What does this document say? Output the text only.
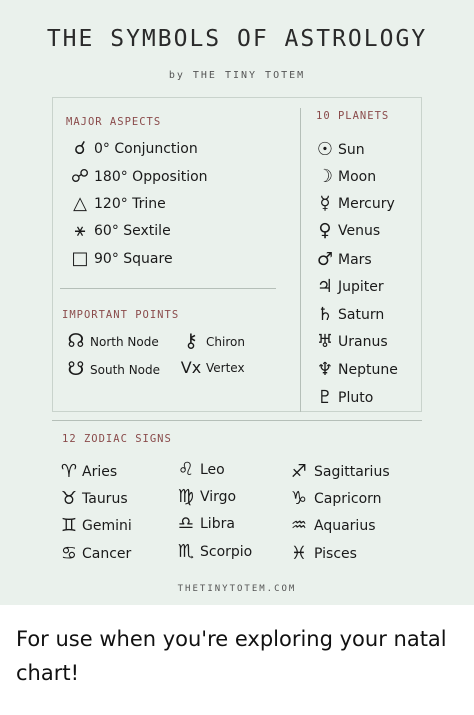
THE SYMBOLS OF ASTROLOGY
by THE TINY TOTEM
MAJOR ASPECTS
☌ 0° Conjunction
☍ 180° Opposition
△ 120° Trine
⚹ 60° Sextile
□ 90° Square
IMPORTANT POINTS
☊ North Node	⚷ Chiron
☋ South Node Vx Vertex
10 PLANETS
☉ Sun
☽ Moon
☿ Mercury
♀ Venus
♂ Mars
♃ Jupiter
♄ Saturn
♅ Uranus
♆ Neptune
♇ Pluto
12 ZODIAC SIGNS
♈ Aries
♉ Taurus
♊ Gemini
♋ Cancer
♌ Leo
♍ Virgo
♎ Libra
♏ Scorpio
♐ Sagittarius
♑ Capricorn
♒ Aquarius
♓ Pisces
THETINYTOTEM.COM
For use when you're exploring your natal chart!
